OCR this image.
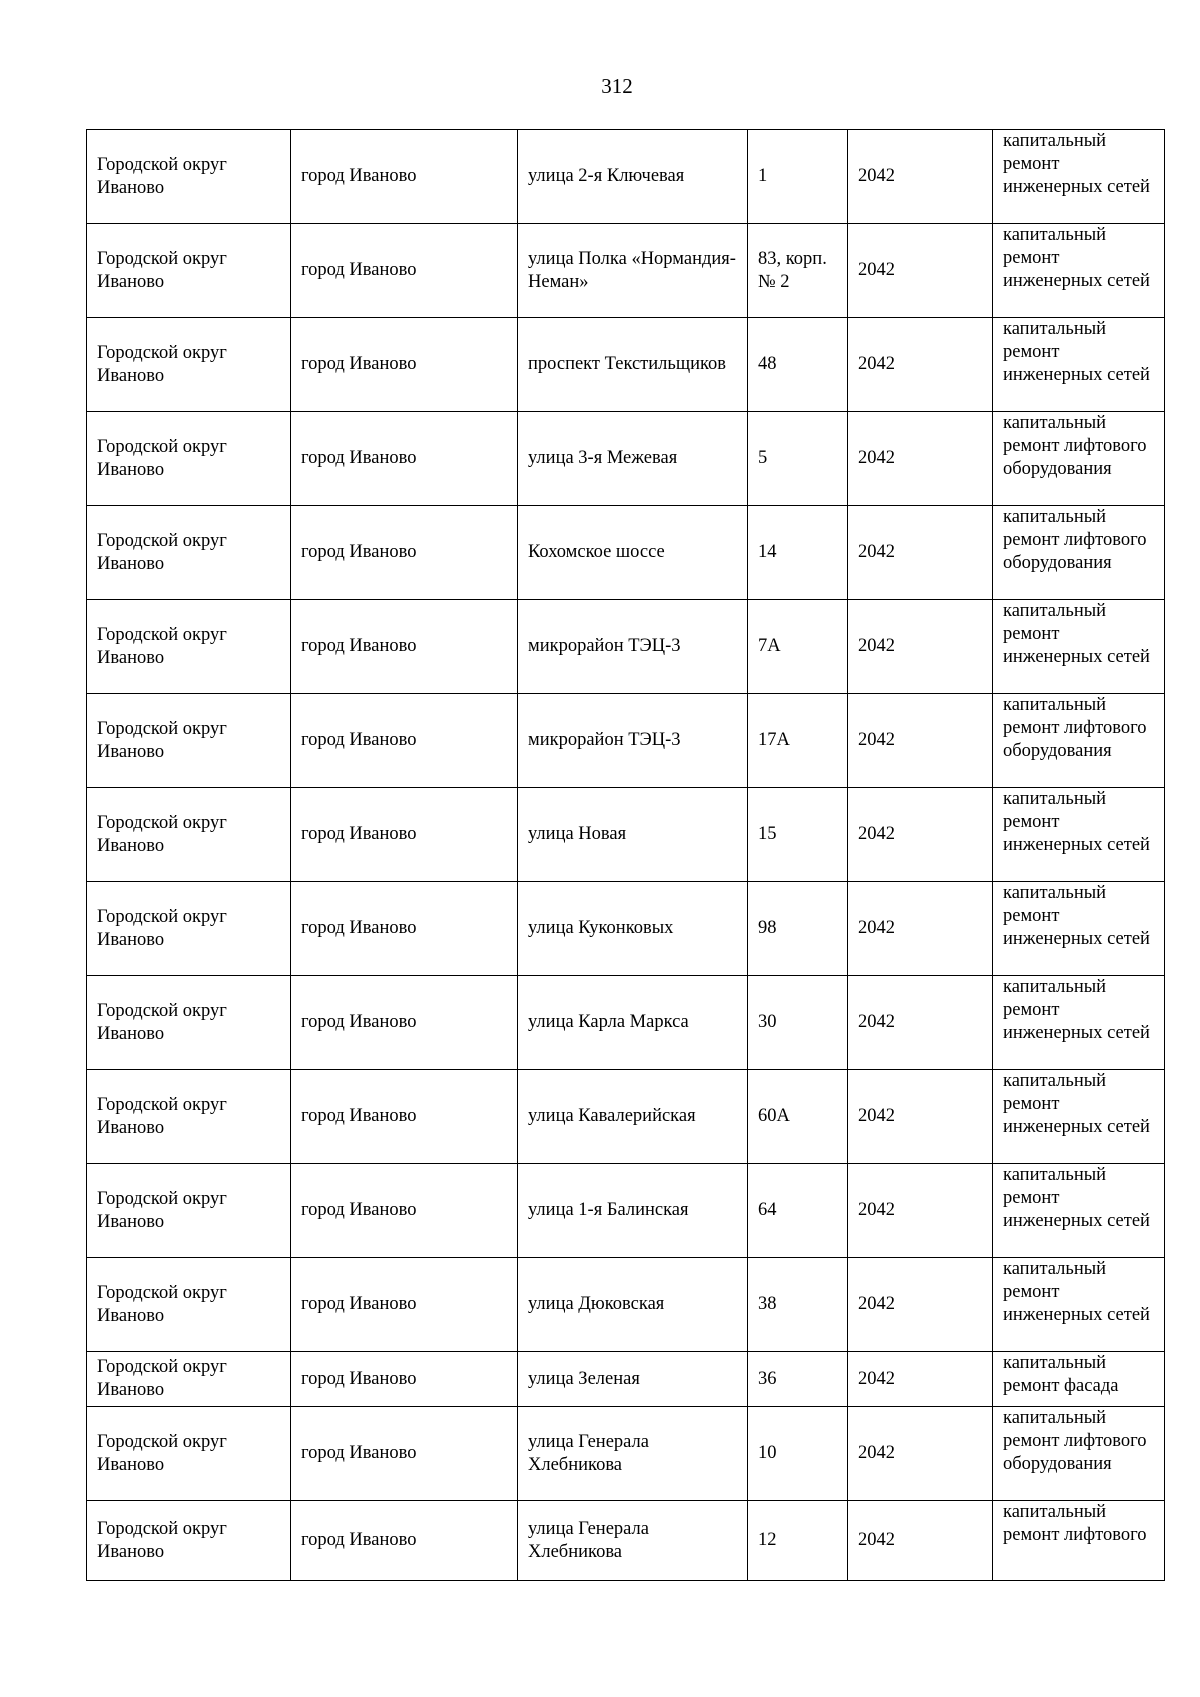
312
Городской округ Иваново	город Иваново	улица 2-я Ключевая	1	2042	капитальный ремонт инженерных сетей
Городской округ Иваново	город Иваново	улица Полка «Нормандия-Неман»	83, корп. № 2	2042	капитальный ремонт инженерных сетей
Городской округ Иваново	город Иваново	проспект Текстильщиков	48	2042	капитальный ремонт инженерных сетей
Городской округ Иваново	город Иваново	улица 3-я Межевая	5	2042	капитальный ремонт лифтового оборудования
Городской округ Иваново	город Иваново	Кохомское шоссе	14	2042	капитальный ремонт лифтового оборудования
Городской округ Иваново	город Иваново	микрорайон ТЭЦ-3	7А	2042	капитальный ремонт инженерных сетей
Городской округ Иваново	город Иваново	микрорайон ТЭЦ-3	17А	2042	капитальный ремонт лифтового оборудования
Городской округ Иваново	город Иваново	улица Новая	15	2042	капитальный ремонт инженерных сетей
Городской округ Иваново	город Иваново	улица Куконковых	98	2042	капитальный ремонт инженерных сетей
Городской округ Иваново	город Иваново	улица Карла Маркса	30	2042	капитальный ремонт инженерных сетей
Городской округ Иваново	город Иваново	улица Кавалерийская	60А	2042	капитальный ремонт инженерных сетей
Городской округ Иваново	город Иваново	улица 1-я Балинская	64	2042	капитальный ремонт инженерных сетей
Городской округ Иваново	город Иваново	улица Дюковская	38	2042	капитальный ремонт инженерных сетей
Городской округ Иваново	город Иваново	улица Зеленая	36	2042	капитальный ремонт фасада
Городской округ Иваново	город Иваново	улица Генерала Хлебникова	10	2042	капитальный ремонт лифтового оборудования
Городской округ Иваново	город Иваново	улица Генерала Хлебникова	12	2042	капитальный ремонт лифтового
